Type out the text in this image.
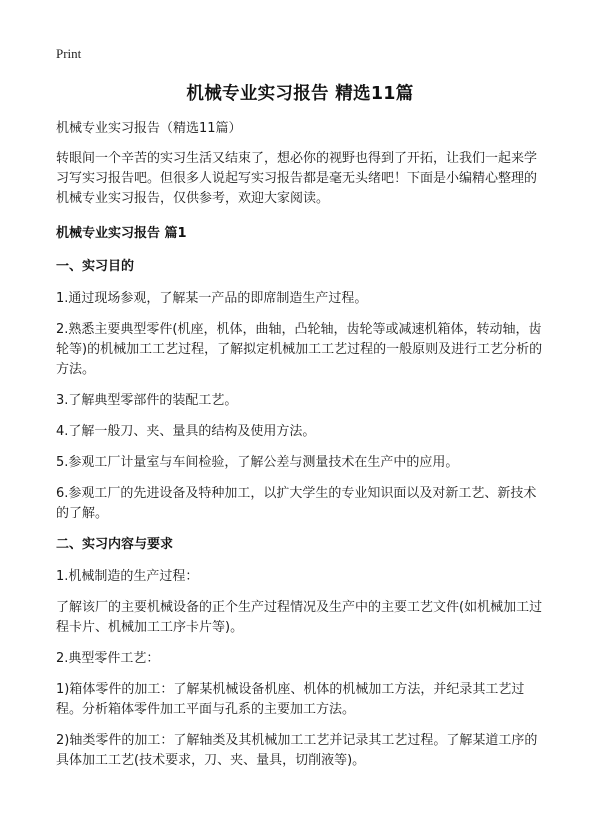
Print
机械专业实习报告 精选11篇

机械专业实习报告（精选11篇）

转眼间一个辛苦的实习生活又结束了，想必你的视野也得到了开拓，让我们一起来学习写实习报告吧。但很多人说起写实习报告都是毫无头绪吧！下面是小编精心整理的机械专业实习报告，仅供参考，欢迎大家阅读。

机械专业实习报告 篇1
一、实习目的

1.通过现场参观，了解某一产品的即席制造生产过程。

2.熟悉主要典型零件(机座，机体，曲轴，凸轮轴，齿轮等或减速机箱体，转动轴，齿轮等)的机械加工工艺过程，了解拟定机械加工工艺过程的一般原则及进行工艺分析的方法。

3.了解典型零部件的装配工艺。

4.了解一般刀、夹、量具的结构及使用方法。

5.参观工厂计量室与车间检验，了解公差与测量技术在生产中的应用。

6.参观工厂的先进设备及特种加工，以扩大学生的专业知识面以及对新工艺、新技术的了解。

二、实习内容与要求

1.机械制造的生产过程：

了解该厂的主要机械设备的正个生产过程情况及生产中的主要工艺文件(如机械加工过程卡片、机械加工工序卡片等)。

2.典型零件工艺：

1)箱体零件的加工：了解某机械设备机座、机体的机械加工方法，并纪录其工艺过程。分析箱体零件加工平面与孔系的主要加工方法。

2)轴类零件的加工：了解轴类及其机械加工工艺并记录其工艺过程。了解某道工序的具体加工工艺(技术要求，刀、夹、量具，切削液等)。
